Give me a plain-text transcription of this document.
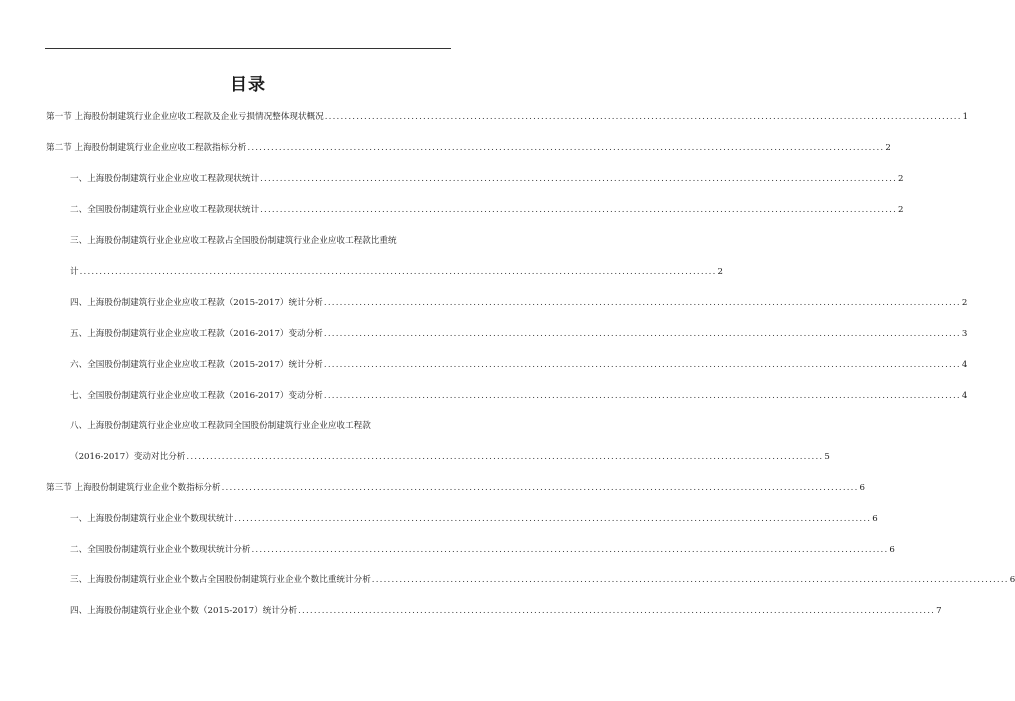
目录
第一节 上海股份制建筑行业企业应收工程款及企业亏损情况整体现状概况 .................................................................................................................................................................. 1
第二节 上海股份制建筑行业企业应收工程款指标分析 .................................................................................................................................................................. 2
一、上海股份制建筑行业企业应收工程款现状统计 .................................................................................................................................................................. 2
二、全国股份制建筑行业企业应收工程款现状统计 .................................................................................................................................................................. 2
三、上海股份制建筑行业企业应收工程款占全国股份制建筑行业企业应收工程款比重统
计 .................................................................................................................................................................. 2
四、上海股份制建筑行业企业应收工程款（2015-2017）统计分析 .................................................................................................................................................................. 2
五、上海股份制建筑行业企业应收工程款（2016-2017）变动分析 .................................................................................................................................................................. 3
六、全国股份制建筑行业企业应收工程款（2015-2017）统计分析 .................................................................................................................................................................. 4
七、全国股份制建筑行业企业应收工程款（2016-2017）变动分析 .................................................................................................................................................................. 4
八、上海股份制建筑行业企业应收工程款同全国股份制建筑行业企业应收工程款
（2016-2017）变动对比分析 .................................................................................................................................................................. 5
第三节 上海股份制建筑行业企业个数指标分析 .................................................................................................................................................................. 6
一、上海股份制建筑行业企业个数现状统计 .................................................................................................................................................................. 6
二、全国股份制建筑行业企业个数现状统计分析 .................................................................................................................................................................. 6
三、上海股份制建筑行业企业个数占全国股份制建筑行业企业个数比重统计分析 .................................................................................................................................................................. 6
四、上海股份制建筑行业企业个数（2015-2017）统计分析 .................................................................................................................................................................. 7
